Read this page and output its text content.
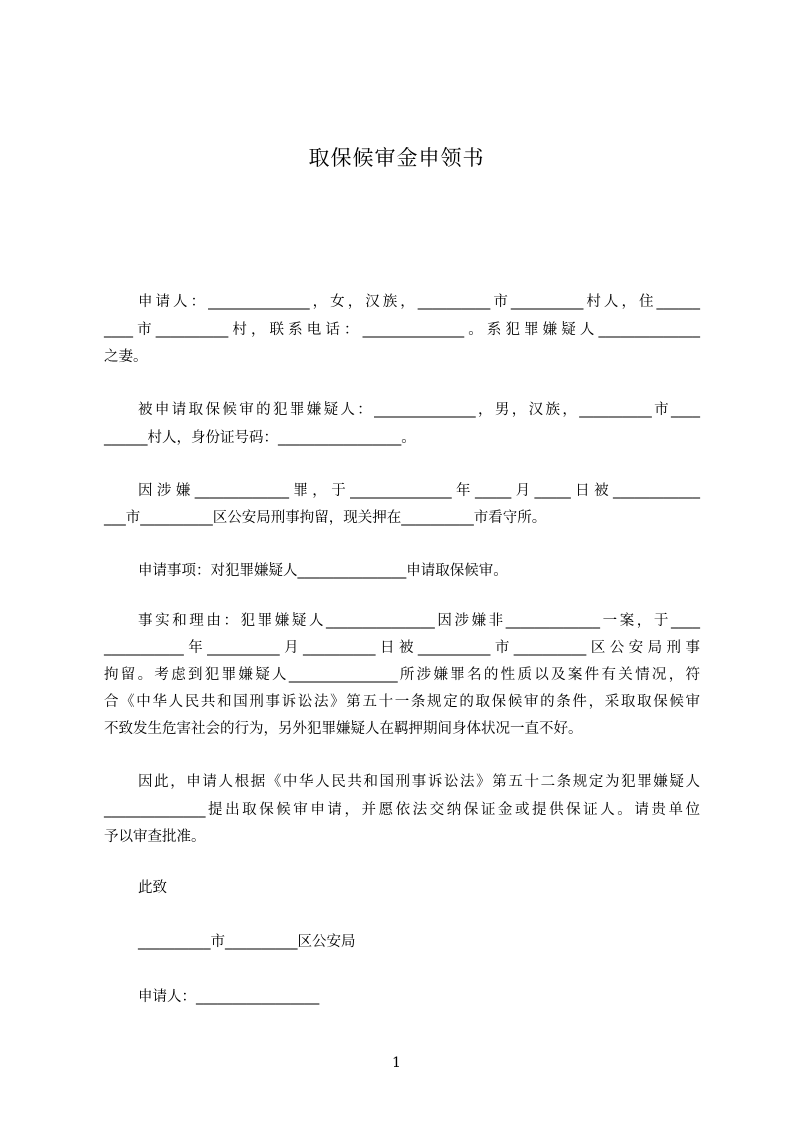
取保候审金申领书
申请人：______________，女，汉族，__________市__________村人，住______
____市__________村，联系电话：______________。系犯罪嫌疑人______________
之妻。
被申请取保候审的犯罪嫌疑人：______________，男，汉族，__________市____
______村人，身份证号码：_________________。
因涉嫌_____________罪，于______________年_____月_____日被____________
___市__________区公安局刑事拘留，现关押在__________市看守所。
申请事项：对犯罪嫌疑人_______________申请取保候审。
事实和理由：犯罪嫌疑人_______________因涉嫌非_____________一案，于____
___________年__________月__________日被__________市__________区公安局刑事
拘留。考虑到犯罪嫌疑人_______________所涉嫌罪名的性质以及案件有关情况，符
合《中华人民共和国刑事诉讼法》第五十一条规定的取保候审的条件，采取取保候审
不致发生危害社会的行为，另外犯罪嫌疑人在羁押期间身体状况一直不好。
因此，申请人根据《中华人民共和国刑事诉讼法》第五十二条规定为犯罪嫌疑人
______________提出取保候审申请，并愿依法交纳保证金或提供保证人。请贵单位
予以审查批准。
此致
__________市__________区公安局
申请人：_________________
1
